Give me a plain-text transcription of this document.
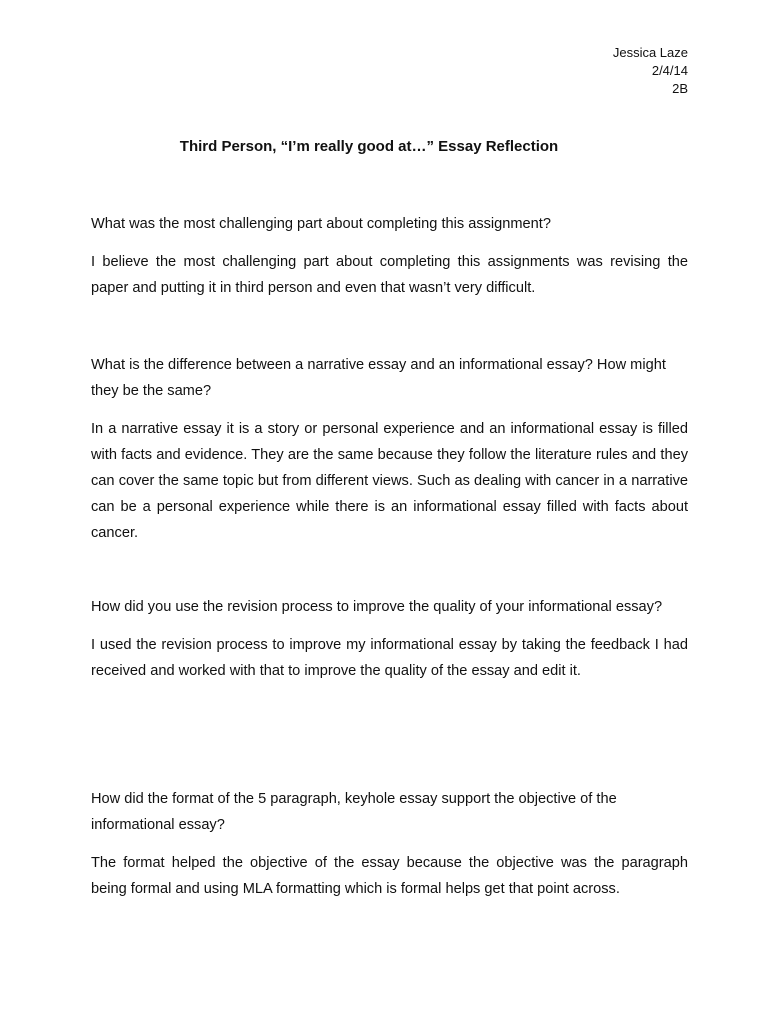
Jessica Laze
2/4/14
2B
Third Person, “I’m really good at…” Essay Reflection

What was the most challenging part about completing this assignment?

I believe the most challenging part about completing this assignments was revising the paper and putting it in third person and even that wasn’t very difficult.

What is the difference between a narrative essay and an informational essay? How might they be the same?

In a narrative essay it is a story or personal experience and an informational essay is filled with facts and evidence. They are the same because they follow the literature rules and they can cover the same topic but from different views. Such as dealing with cancer in a narrative can be a personal experience while there is an informational essay filled with facts about cancer.

How did you use the revision process to improve the quality of your informational essay?

I used the revision process to improve my informational essay by taking the feedback I had received and worked with that to improve the quality of the essay and edit it.

How did the format of the 5 paragraph, keyhole essay support the objective of the informational essay?

The format helped the objective of the essay because the objective was the paragraph being formal and using MLA formatting which is formal helps get that point across.
